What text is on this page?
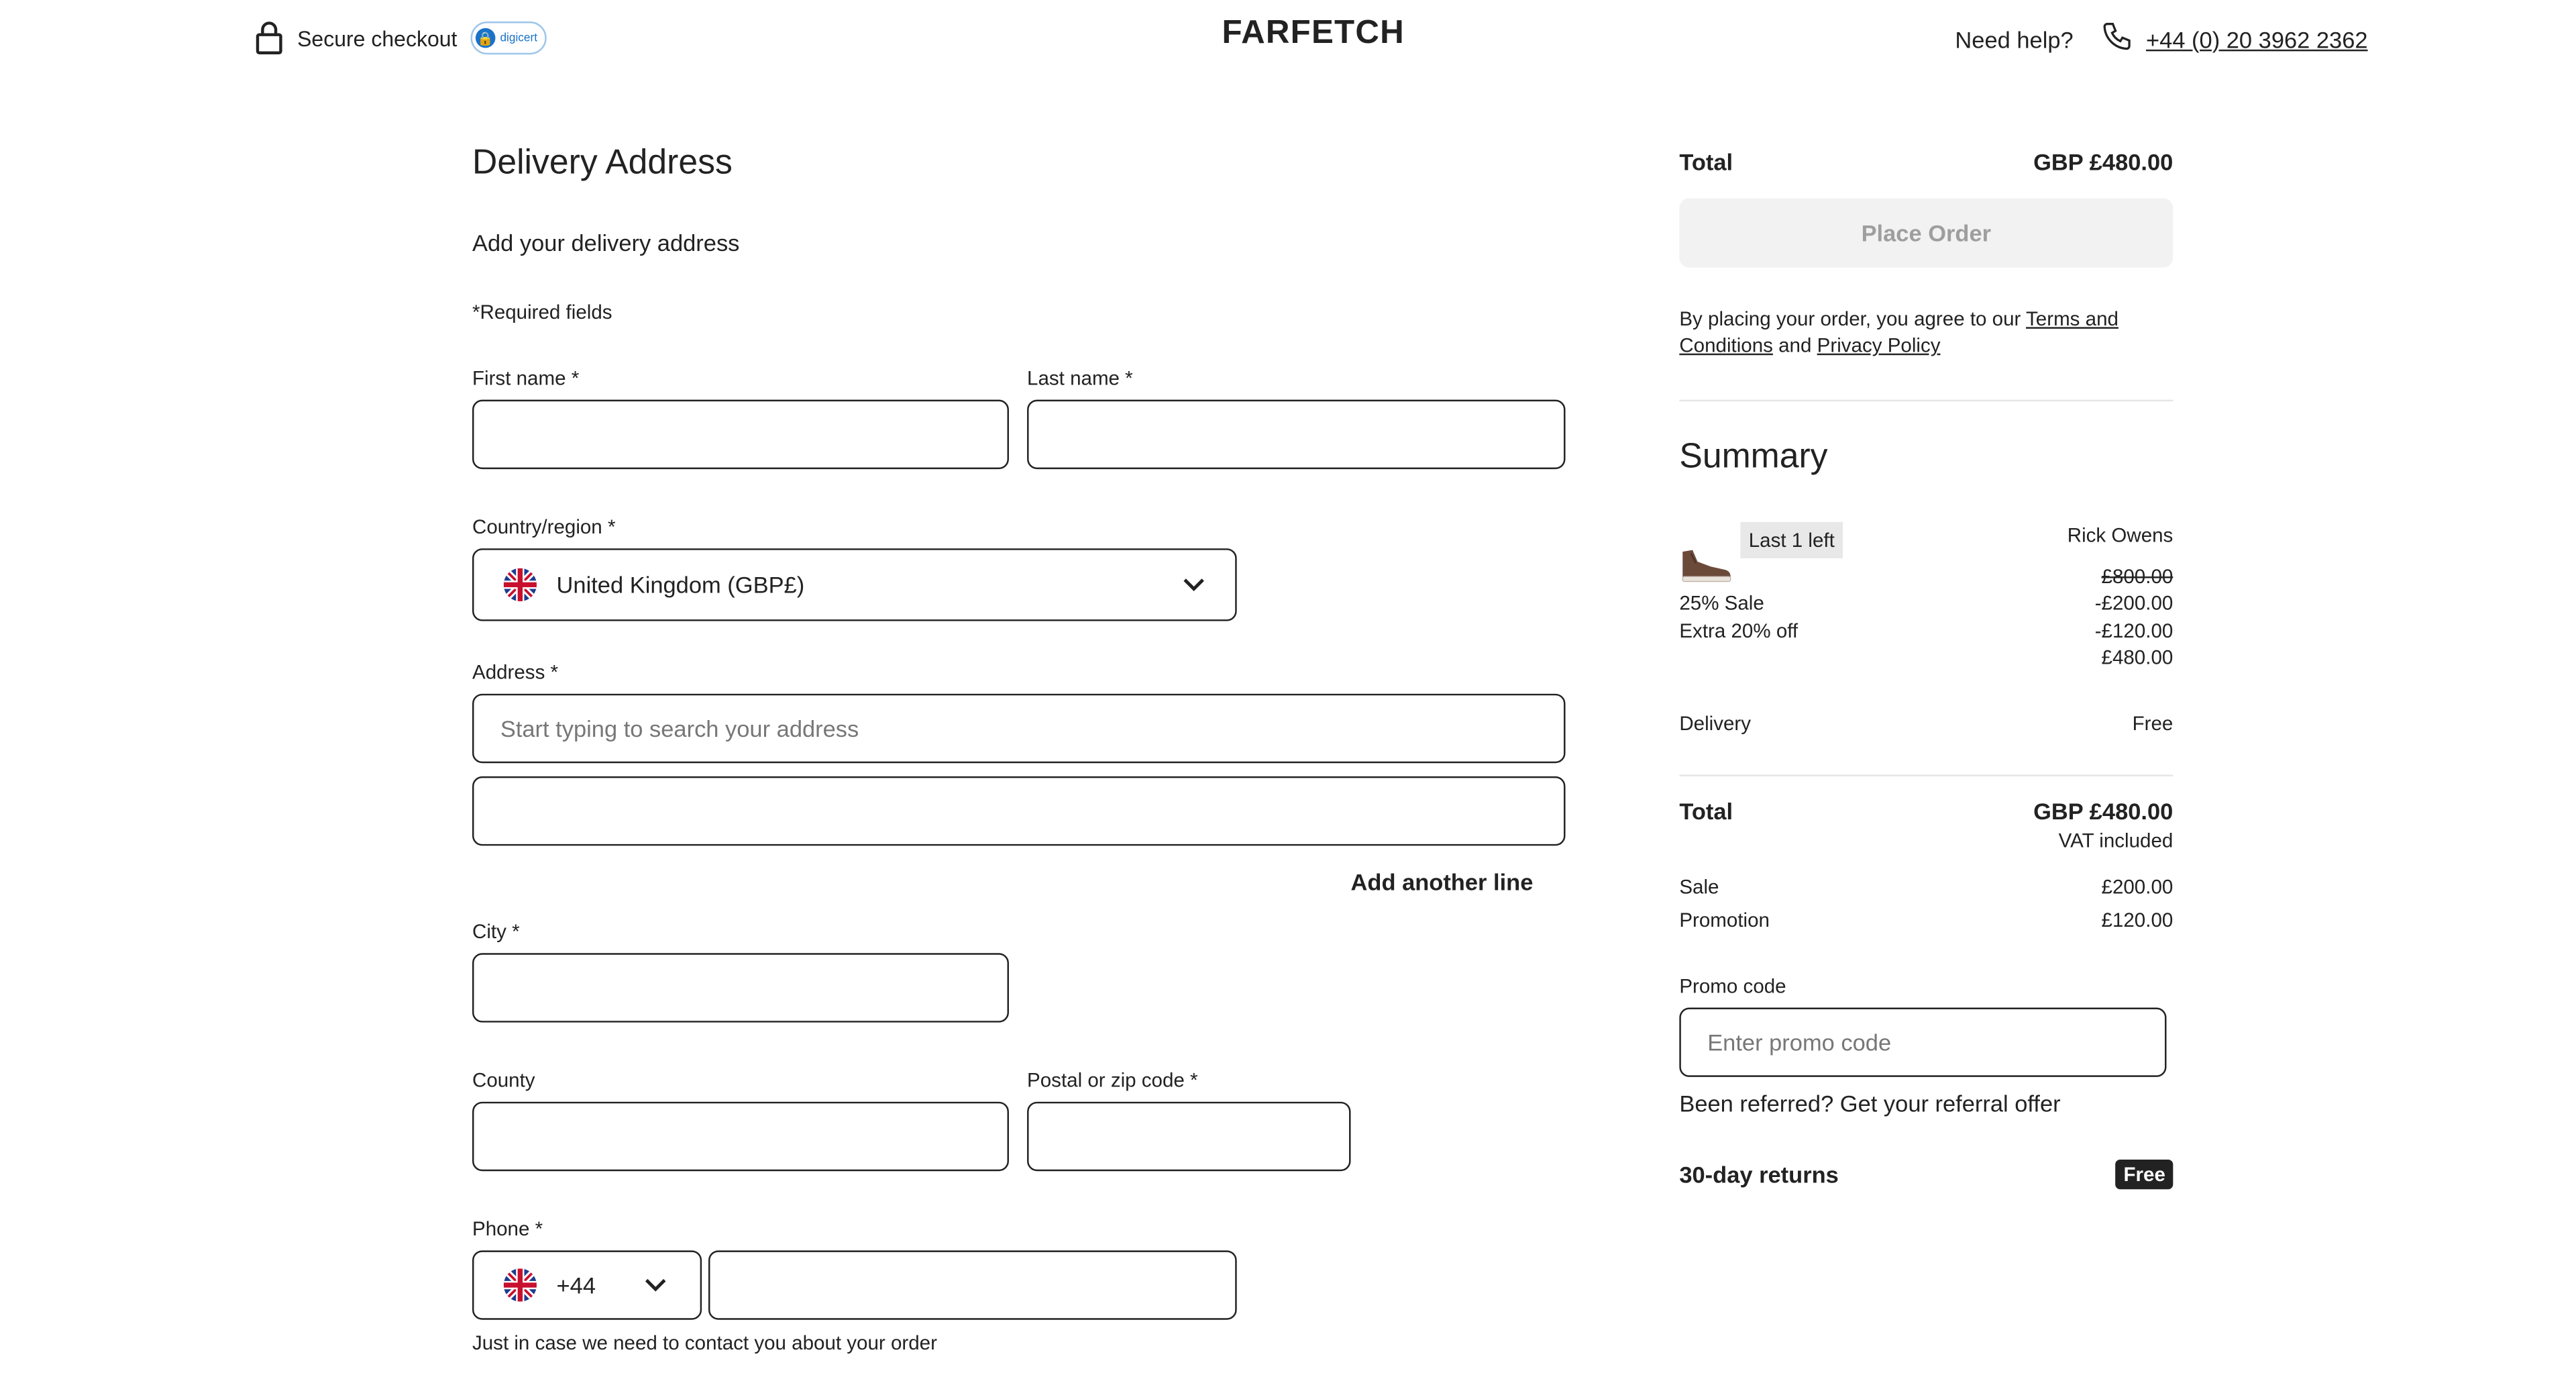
Secure checkout	🔒	digicert	FARFETCH	Need help?	+44 (0) 20 3962 2362
Delivery Address
Add your delivery address
*Required fields
First name *	Last name *
Country/region *
United Kingdom (GBP£)
Address *
Start typing to search your address
Add another line
City *
County	Postal or zip code *
Phone *
+44
Just in case we need to contact you about your order
Total	GBP £480.00
Place Order
By placing your order, you agree to our Terms and Conditions and Privacy Policy
Summary
Last 1 left	Rick Owens
£800.00
25% Sale	-£200.00
Extra 20% off	-£120.00
£480.00
Delivery	Free
Total	GBP £480.00
VAT included
Sale	£200.00
Promotion	£120.00
Promo code
Enter promo code
Been referred? Get your referral offer
30-day returns	Free
